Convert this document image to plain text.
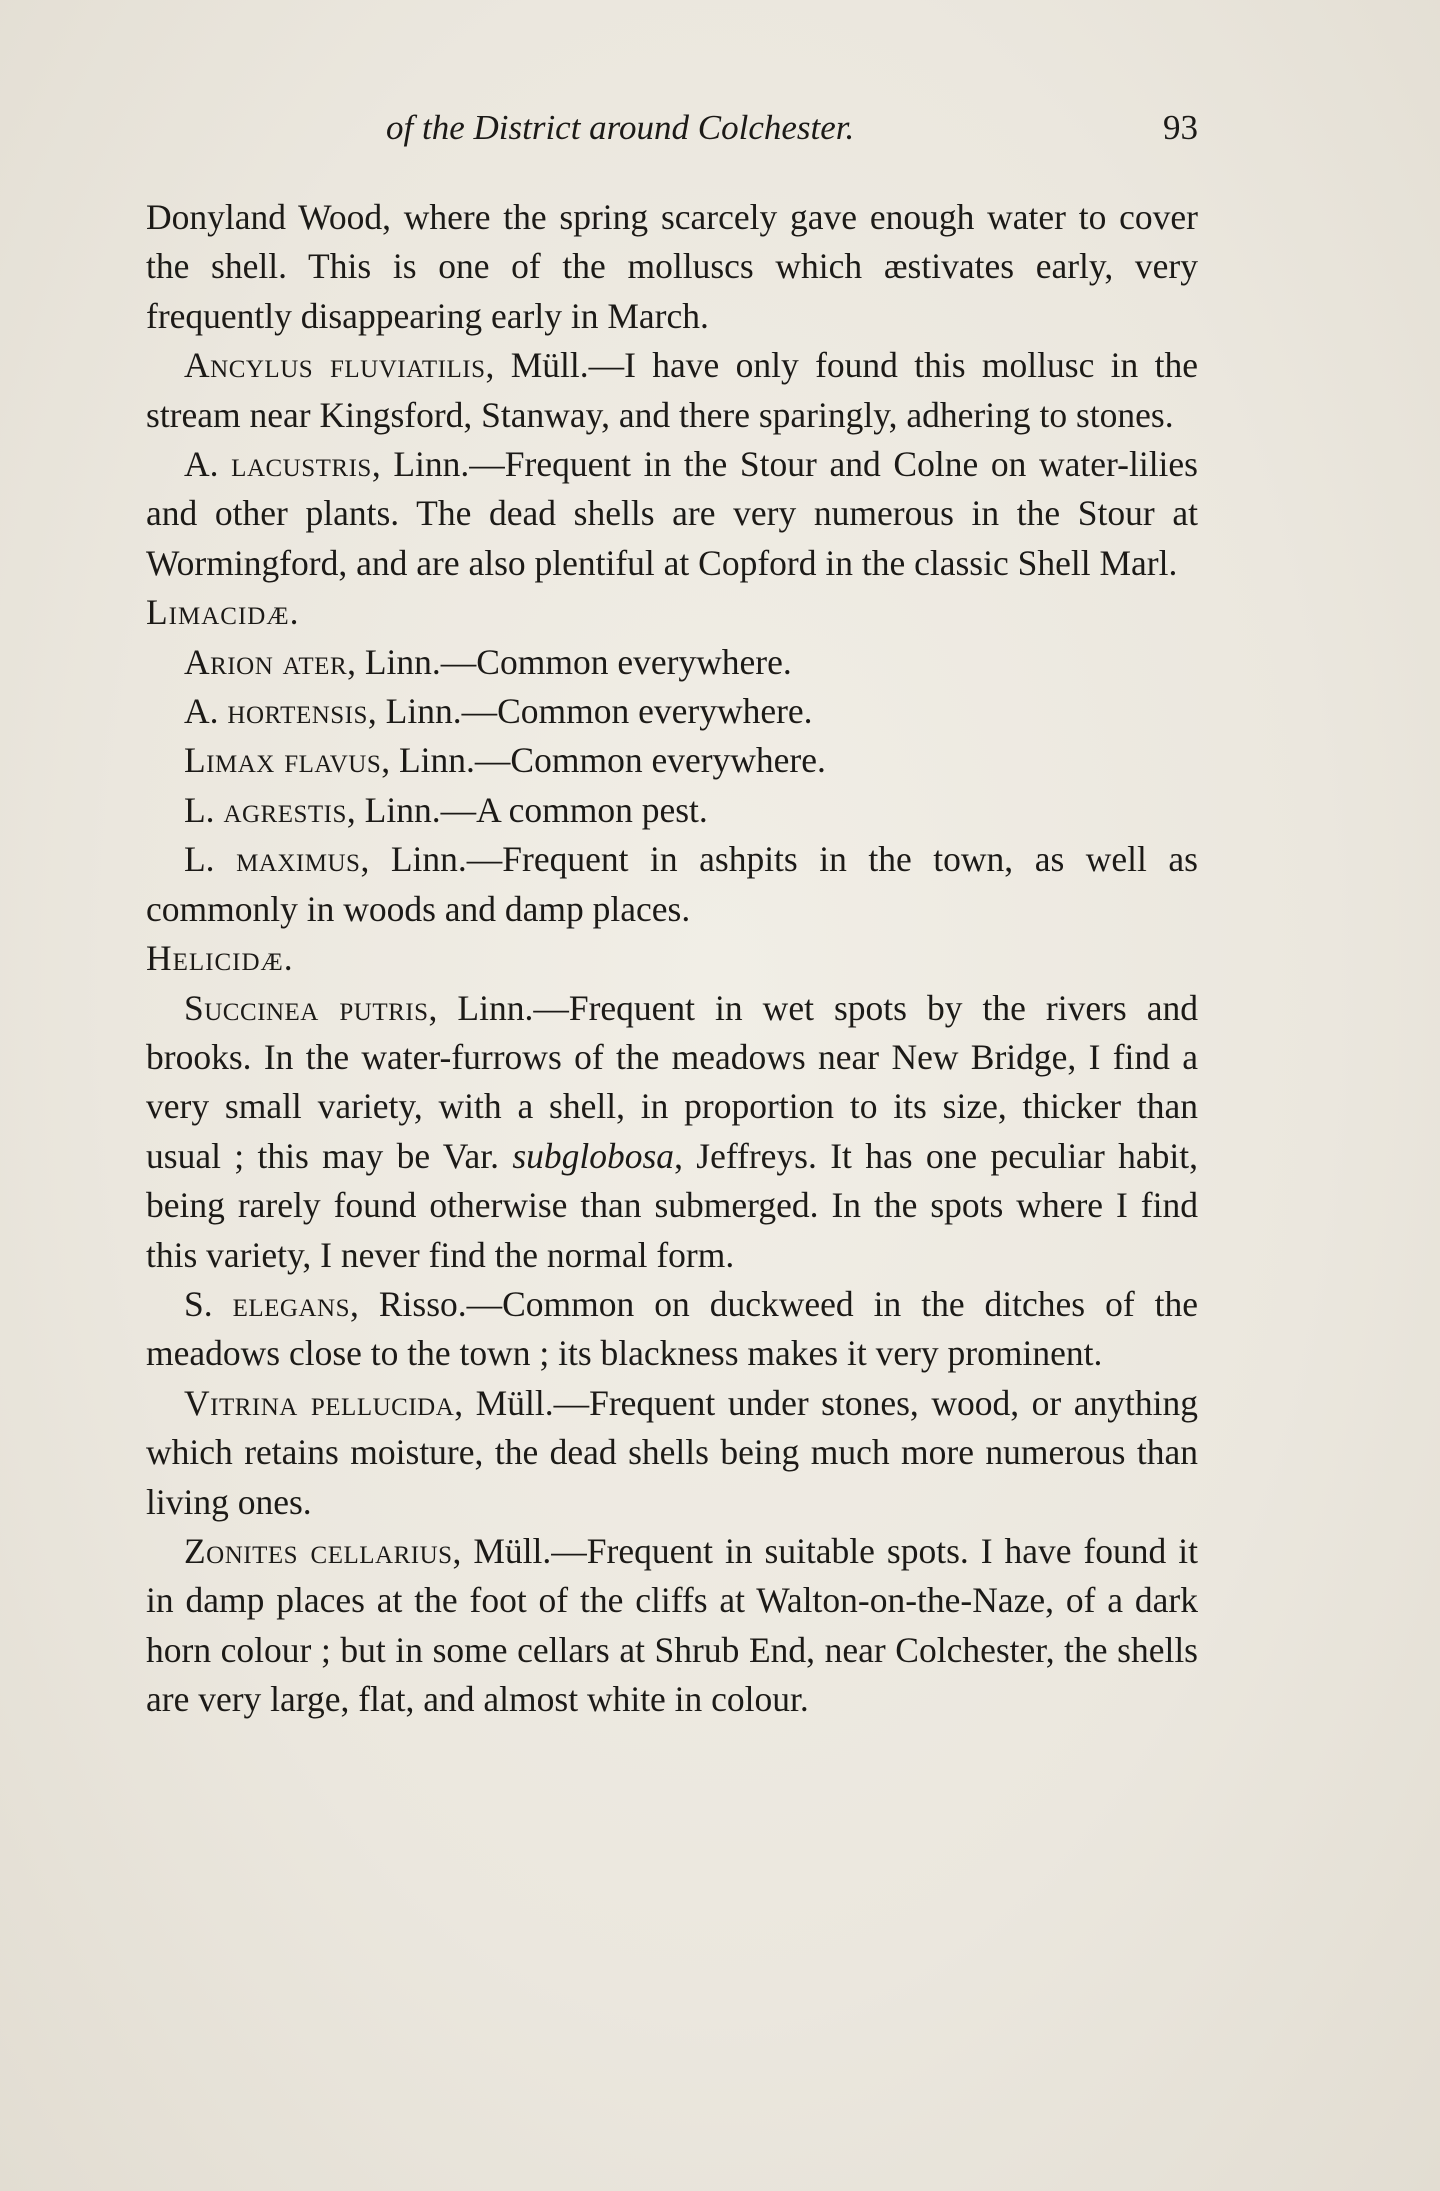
of the District around Colchester.	93

Donyland Wood, where the spring scarcely gave enough water to cover the shell. This is one of the molluscs which æstivates early, very frequently disappearing early in March.

Ancylus fluviatilis, Müll.—I have only found this mollusc in the stream near Kingsford, Stanway, and there sparingly, adhering to stones.

A. lacustris, Linn.—Frequent in the Stour and Colne on water-lilies and other plants. The dead shells are very numerous in the Stour at Wormingford, and are also plentiful at Copford in the classic Shell Marl.

Limacidæ.

Arion ater, Linn.—Common everywhere.

A. hortensis, Linn.—Common everywhere.

Limax flavus, Linn.—Common everywhere.

L. agrestis, Linn.—A common pest.

L. maximus, Linn.—Frequent in ashpits in the town, as well as commonly in woods and damp places.

Helicidæ.

Succinea putris, Linn.—Frequent in wet spots by the rivers and brooks. In the water-furrows of the meadows near New Bridge, I find a very small variety, with a shell, in proportion to its size, thicker than usual ; this may be Var. subglobosa, Jeffreys. It has one peculiar habit, being rarely found otherwise than submerged. In the spots where I find this variety, I never find the normal form.

S. elegans, Risso.—Common on duckweed in the ditches of the meadows close to the town ; its blackness makes it very prominent.

Vitrina pellucida, Müll.—Frequent under stones, wood, or anything which retains moisture, the dead shells being much more numerous than living ones.

Zonites cellarius, Müll.—Frequent in suitable spots. I have found it in damp places at the foot of the cliffs at Walton-on-the-Naze, of a dark horn colour ; but in some cellars at Shrub End, near Colchester, the shells are very large, flat, and almost white in colour.
